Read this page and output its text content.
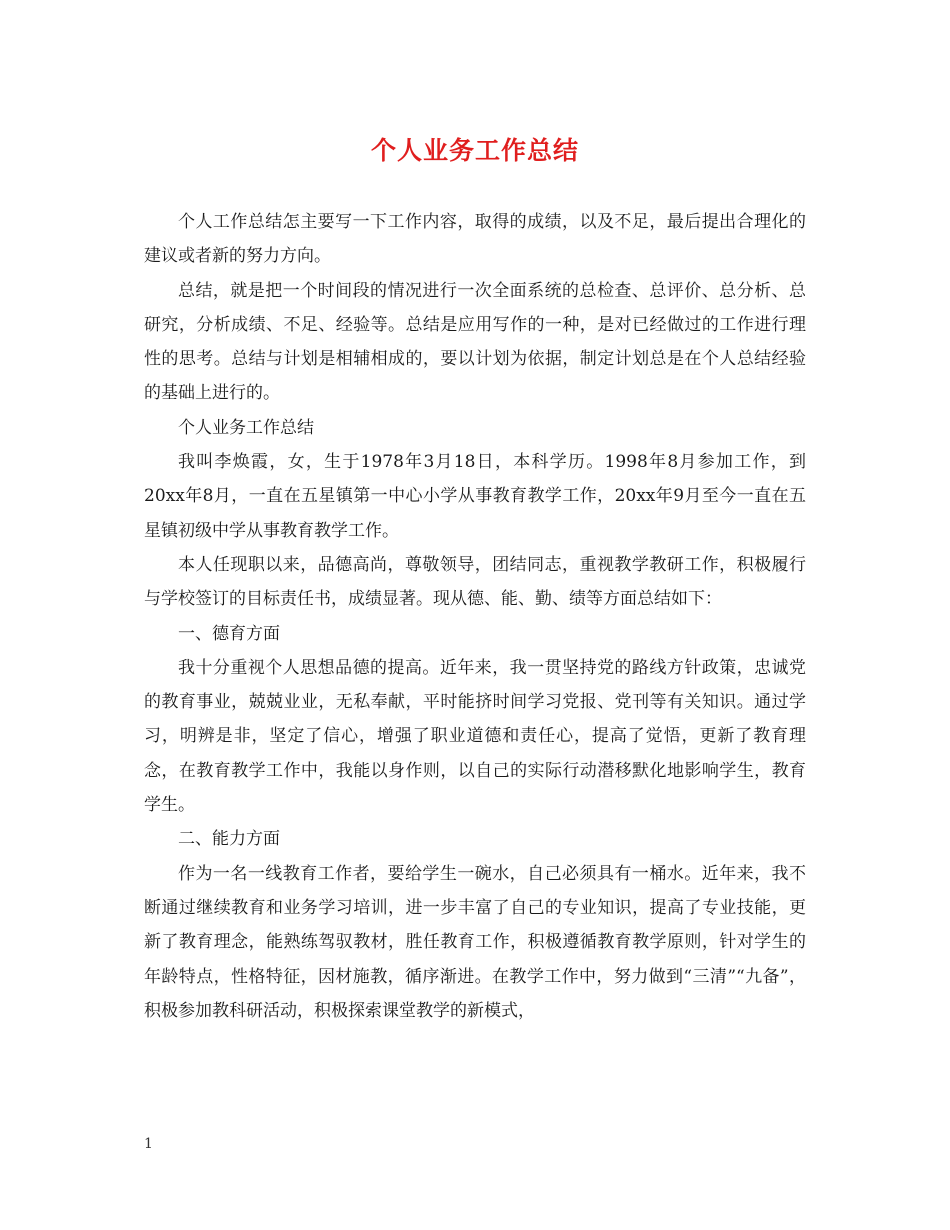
个人业务工作总结

个人工作总结怎主要写一下工作内容，取得的成绩，以及不足，最后提出合理化的建议或者新的努力方向。

总结，就是把一个时间段的情况进行一次全面系统的总检查、总评价、总分析、总研究，分析成绩、不足、经验等。总结是应用写作的一种，是对已经做过的工作进行理性的思考。总结与计划是相辅相成的，要以计划为依据，制定计划总是在个人总结经验的基础上进行的。

个人业务工作总结

我叫李焕霞，女，生于1978年3月18日，本科学历。1998年8月参加工作，到20xx年8月，一直在五星镇第一中心小学从事教育教学工作，20xx年9月至今一直在五星镇初级中学从事教育教学工作。

本人任现职以来，品德高尚，尊敬领导，团结同志，重视教学教研工作，积极履行与学校签订的目标责任书，成绩显著。现从德、能、勤、绩等方面总结如下：

一、德育方面

我十分重视个人思想品德的提高。近年来，我一贯坚持党的路线方针政策，忠诚党的教育事业，兢兢业业，无私奉献，平时能挤时间学习党报、党刊等有关知识。通过学习，明辨是非，坚定了信心，增强了职业道德和责任心，提高了觉悟，更新了教育理念，在教育教学工作中，我能以身作则，以自己的实际行动潜移默化地影响学生，教育学生。

二、能力方面

作为一名一线教育工作者，要给学生一碗水，自己必须具有一桶水。近年来，我不断通过继续教育和业务学习培训，进一步丰富了自己的专业知识，提高了专业技能，更新了教育理念，能熟练驾驭教材，胜任教育工作，积极遵循教育教学原则，针对学生的年龄特点，性格特征，因材施教，循序渐进。在教学工作中，努力做到“三清”“九备”，积极参加教科研活动，积极探索课堂教学的新模式，

1
